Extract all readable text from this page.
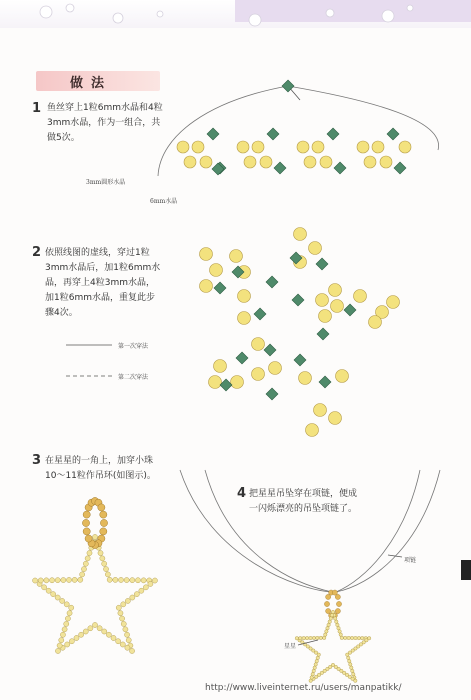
做法
1 鱼丝穿上1粒6mm水晶和4粒
3mm水晶，作为一组合，共
做5次。
2 依照线图的虚线，穿过1粒
3mm水晶后，加1粒6mm水
晶，再穿上4粒3mm水晶，
加1粒6mm水晶，重复此步
骤4次。
3 在星星的一角上，加穿小珠
10～11粒作吊环(如图示)。
4 把星星吊坠穿在项链，便成
一闪烁漂亮的吊坠项链了。
3mm圆形水晶
6mm水晶
第一次穿法
第二次穿法
项链
星星
http://www.liveinternet.ru/users/manpatikk/
